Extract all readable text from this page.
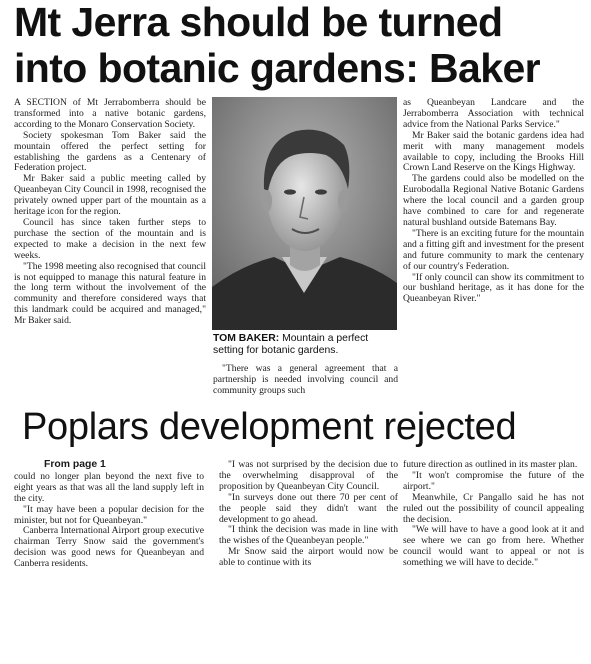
Mt Jerra should be turned
into botanic gardens: Baker

A SECTION of Mt Jerrabomberra should be transformed into a native botanic gardens, according to the Monaro Conservation Society.

Society spokesman Tom Baker said the mountain offered the perfect setting for establishing the gardens as a Centenary of Federation project.

Mr Baker said a public meeting called by Queanbeyan City Council in 1998, recognised the privately owned upper part of the mountain as a heritage icon for the region.

Council has since taken further steps to purchase the section of the mountain and is expected to make a decision in the next few weeks.

"The 1998 meeting also recognised that council is not equipped to manage this natural feature in the long term without the involvement of the community and therefore considered ways that this landmark could be acquired and managed," Mr Baker said.

TOM BAKER: Mountain a perfect setting for botanic gardens.

"There was a general agreement that a partnership is needed involving council and community groups such

as Queanbeyan Landcare and the Jerrabomberra Association with technical advice from the National Parks Service."

Mr Baker said the botanic gardens idea had merit with many management models available to copy, including the Brooks Hill Crown Land Reserve on the Kings Highway.

The gardens could also be modelled on the Eurobodalla Regional Native Botanic Gardens where the local council and a garden group have combined to care for and regenerate natural bushland outside Batemans Bay.

"There is an exciting future for the mountain and a fitting gift and investment for the present and future community to mark the centenary of our country's Federation.

"If only council can show its commitment to our bushland heritage, as it has done for the Queanbeyan River."

Poplars development rejected

From page 1

could no longer plan beyond the next five to eight years as that was all the land supply left in the city.

"It may have been a popular decision for the minister, but not for Queanbeyan."

Canberra International Airport group executive chairman Terry Snow said the government's decision was good news for Queanbeyan and Canberra residents.

"I was not surprised by the decision due to the overwhelming disapproval of the proposition by Queanbeyan City Council.

"In surveys done out there 70 per cent of the people said they didn't want the development to go ahead.

"I think the decision was made in line with the wishes of the Queanbeyan people."

Mr Snow said the airport would now be able to continue with its

future direction as outlined in its master plan.

"It won't compromise the future of the airport."

Meanwhile, Cr Pangallo said he has not ruled out the possibility of council appealing the decision.

"We will have to have a good look at it and see where we can go from here. Whether council would want to appeal or not is something we will have to decide."
